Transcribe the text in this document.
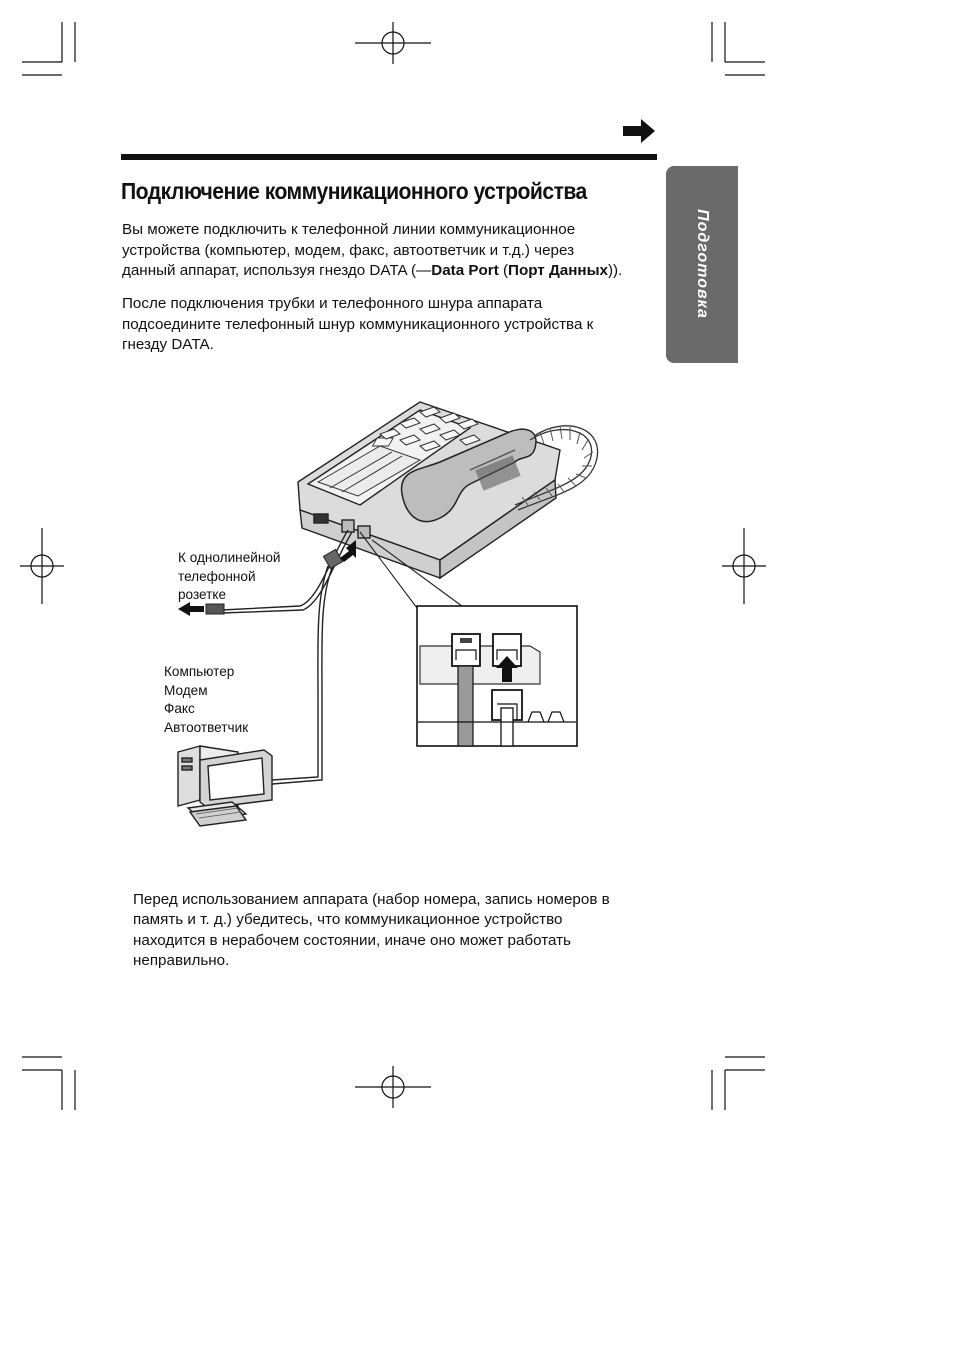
Подключение коммуникационного устройства
Подготовка
Вы можете подключить к телефонной линии коммуникационное
устройства (компьютер, модем, факс, автоответчик и т.д.) через
данный аппарат, используя гнездо DATA (—Data Port (Порт Данных)).
После подключения трубки и телефонного шнура аппарата
подсоедините телефонный шнур коммуникационного устройства к
гнезду DATA.
К однолинейной
телефонной
розетке
Компьютер
Модем
Факс
Автоответчик
Перед использованием аппарата (набор номера, запись номеров в
память и т. д.) убедитесь, что коммуникационное устройство
находится в нерабочем состоянии, иначе оно может работать
неправильно.
